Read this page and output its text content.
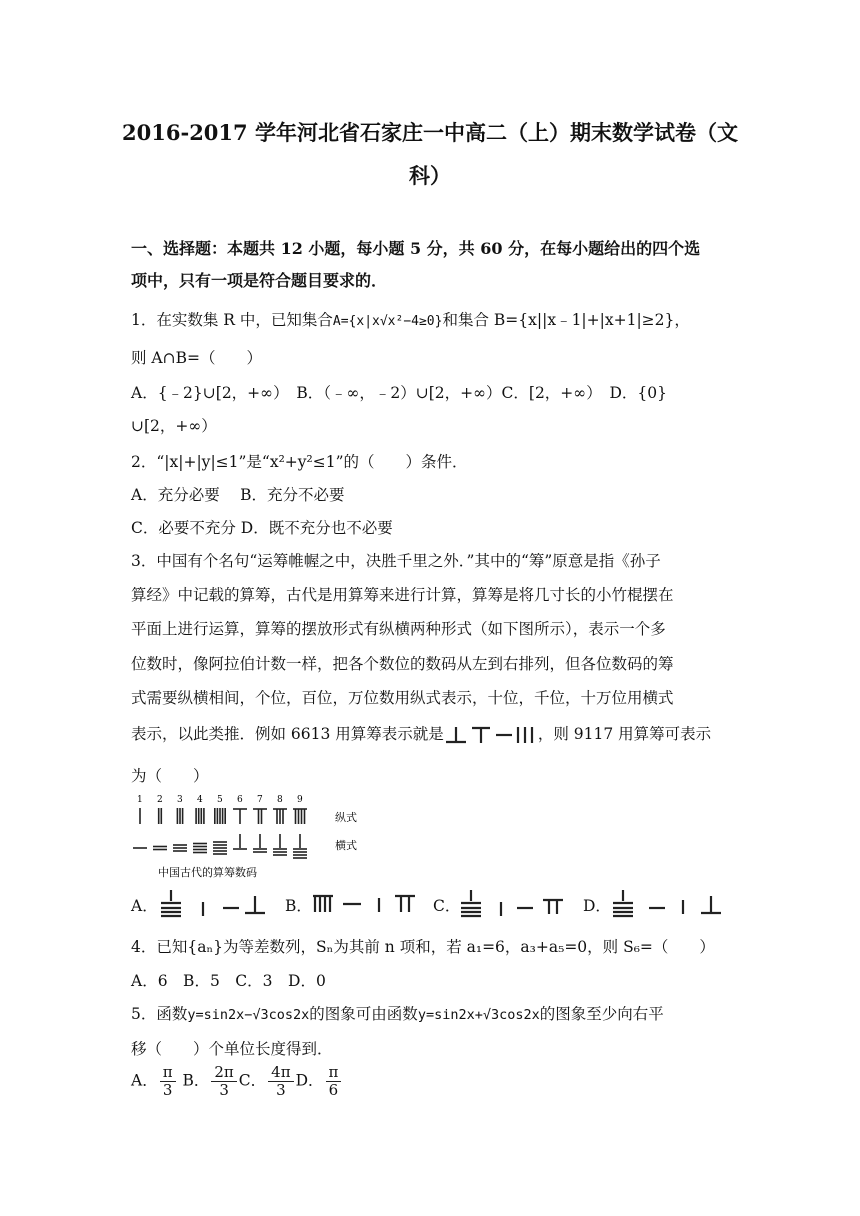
2016-2017 学年河北省石家庄一中高二（上）期末数学试卷（文
科）
一、选择题：本题共 12 小题，每小题 5 分，共 60 分，在每小题给出的四个选
项中，只有一项是符合题目要求的．
1．在实数集 R 中，已知集合A={x|x√x²−4≥0}和集合 B={x||x﹣1|+|x+1|≥2}，
则 A∩B=（　　）
A．{﹣2}∪[2，+∞）　B．（﹣∞，﹣2）∪[2，+∞）C．[2，+∞）　D．{0}
∪[2，+∞）
2．“|x|+|y|≤1”是“x²+y²≤1”的（　　）条件．
A．充分必要　 B．充分不必要
C．必要不充分 D．既不充分也不必要
3．中国有个名句“运筹帷幄之中，决胜千里之外．”其中的“筹”原意是指《孙子
算经》中记载的算筹，古代是用算筹来进行计算，算筹是将几寸长的小竹棍摆在
平面上进行运算，算筹的摆放形式有纵横两种形式（如下图所示），表示一个多
位数时，像阿拉伯计数一样，把各个数位的数码从左到右排列，但各位数码的筹
式需要纵横相间，个位，百位，万位数用纵式表示，十位，千位，十万位用横式
表示，以此类推．例如 6613 用算筹表示就是	，则 9117 用算筹可表示
为（　　）
1 2 3 4 5 6 7 8 9
纵式
横式
中国古代的算筹数码
A．	B．	C．	D．
4．已知{aₙ}为等差数列，Sₙ为其前 n 项和，若 a₁=6，a₃+a₅=0，则 S₆=（　　）
A．6　B．5　C．3　D．0
5．函数y=sin2x−√3cos2x的图象可由函数y=sin2x+√3cos2x的图象至少向右平
移（　　）个单位长度得到．
A． $\frac{\pi}{3}$ B． $\frac{2\pi}{3}$ C． $\frac{4\pi}{3}$ D． $\frac{\pi}{6}$
